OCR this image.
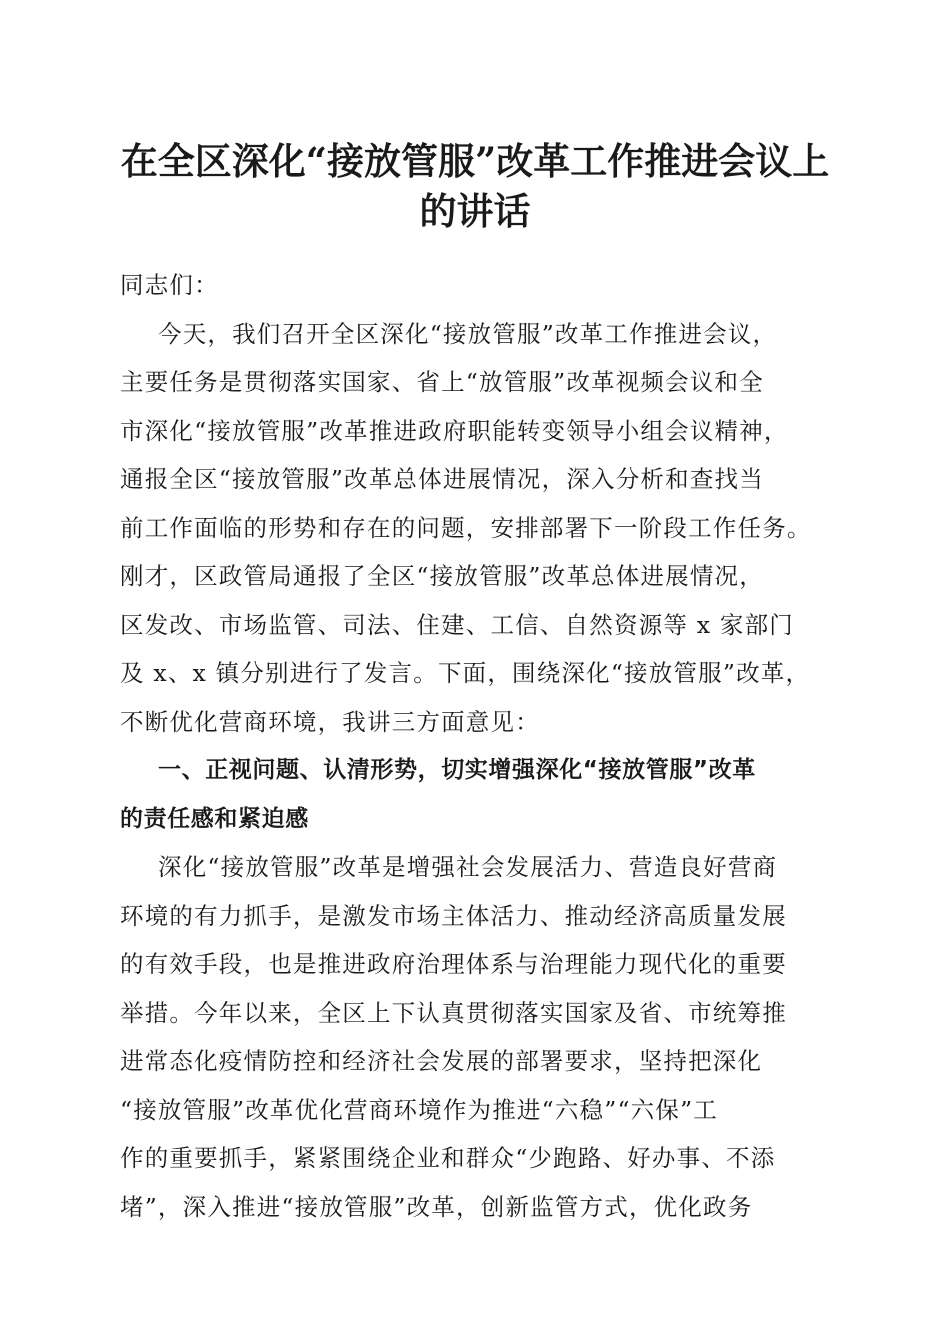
在全区深化“接放管服”改革工作推进会议上
的讲话
同志们：
今天，我们召开全区深化“接放管服”改革工作推进会议，
主要任务是贯彻落实国家、省上“放管服”改革视频会议和全
市深化“接放管服”改革推进政府职能转变领导小组会议精神，
通报全区“接放管服”改革总体进展情况，深入分析和查找当
前工作面临的形势和存在的问题，安排部署下一阶段工作任务。
刚才，区政管局通报了全区“接放管服”改革总体进展情况，
区发改、市场监管、司法、住建、工信、自然资源等 x 家部门
及 x、x 镇分别进行了发言。下面，围绕深化“接放管服”改革，
不断优化营商环境，我讲三方面意见：
一、正视问题、认清形势，切实增强深化“接放管服”改革
的责任感和紧迫感
深化“接放管服”改革是增强社会发展活力、营造良好营商
环境的有力抓手，是激发市场主体活力、推动经济高质量发展
的有效手段，也是推进政府治理体系与治理能力现代化的重要
举措。今年以来，全区上下认真贯彻落实国家及省、市统筹推
进常态化疫情防控和经济社会发展的部署要求，坚持把深化
“接放管服”改革优化营商环境作为推进“六稳”“六保”工
作的重要抓手，紧紧围绕企业和群众“少跑路、好办事、不添
堵”，深入推进“接放管服”改革，创新监管方式，优化政务
